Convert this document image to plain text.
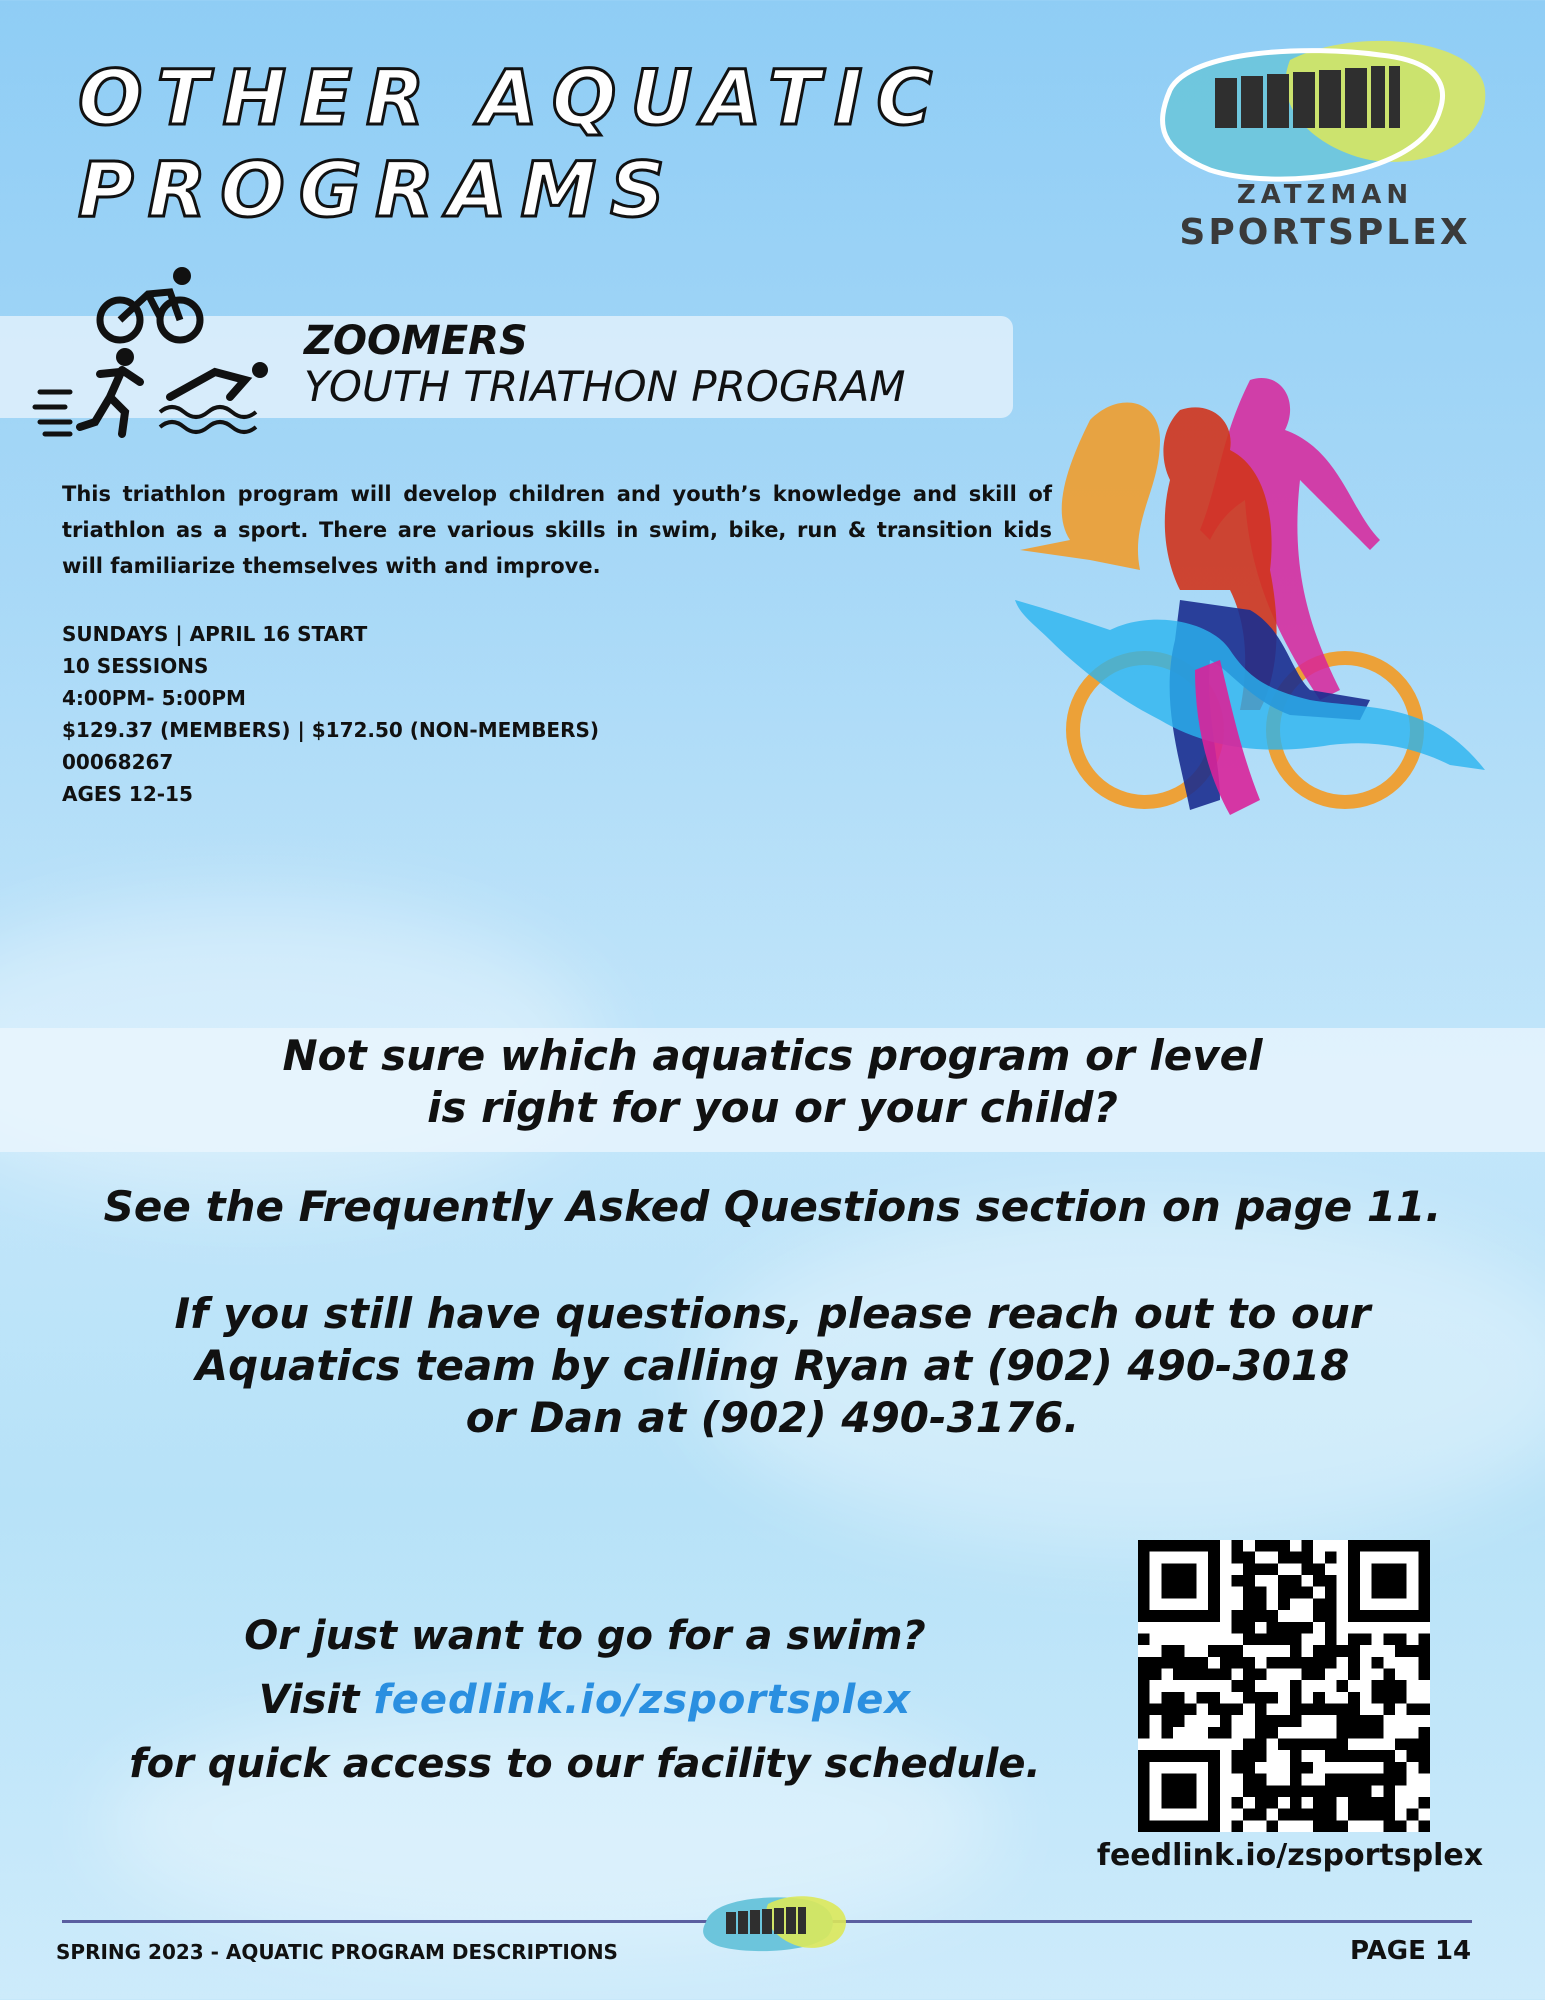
OTHER AQUATIC
PROGRAMS	ZATZMAN
SPORTSPLEX
ZOOMERS
YOUTH TRIATHON PROGRAM

This triathlon program will develop children and youth’s knowledge and skill of triathlon as a sport. There are various skills in swim, bike, run & transition kids will familiarize themselves with and improve.

SUNDAYS | APRIL 16 START
10 SESSIONS
4:00PM- 5:00PM
$129.37 (MEMBERS) | $172.50 (NON-MEMBERS)
00068267
AGES 12-15
Not sure which aquatics program or level
is right for you or your child?
See the Frequently Asked Questions section on page 11.
If you still have questions, please reach out to our
Aquatics team by calling Ryan at (902) 490-3018
or Dan at (902) 490-3176.
Or just want to go for a swim?
Visit feedlink.io/zsportsplex
for quick access to our facility schedule.
feedlink.io/zsportsplex
SPRING 2023 - AQUATIC PROGRAM DESCRIPTIONS	PAGE 14
